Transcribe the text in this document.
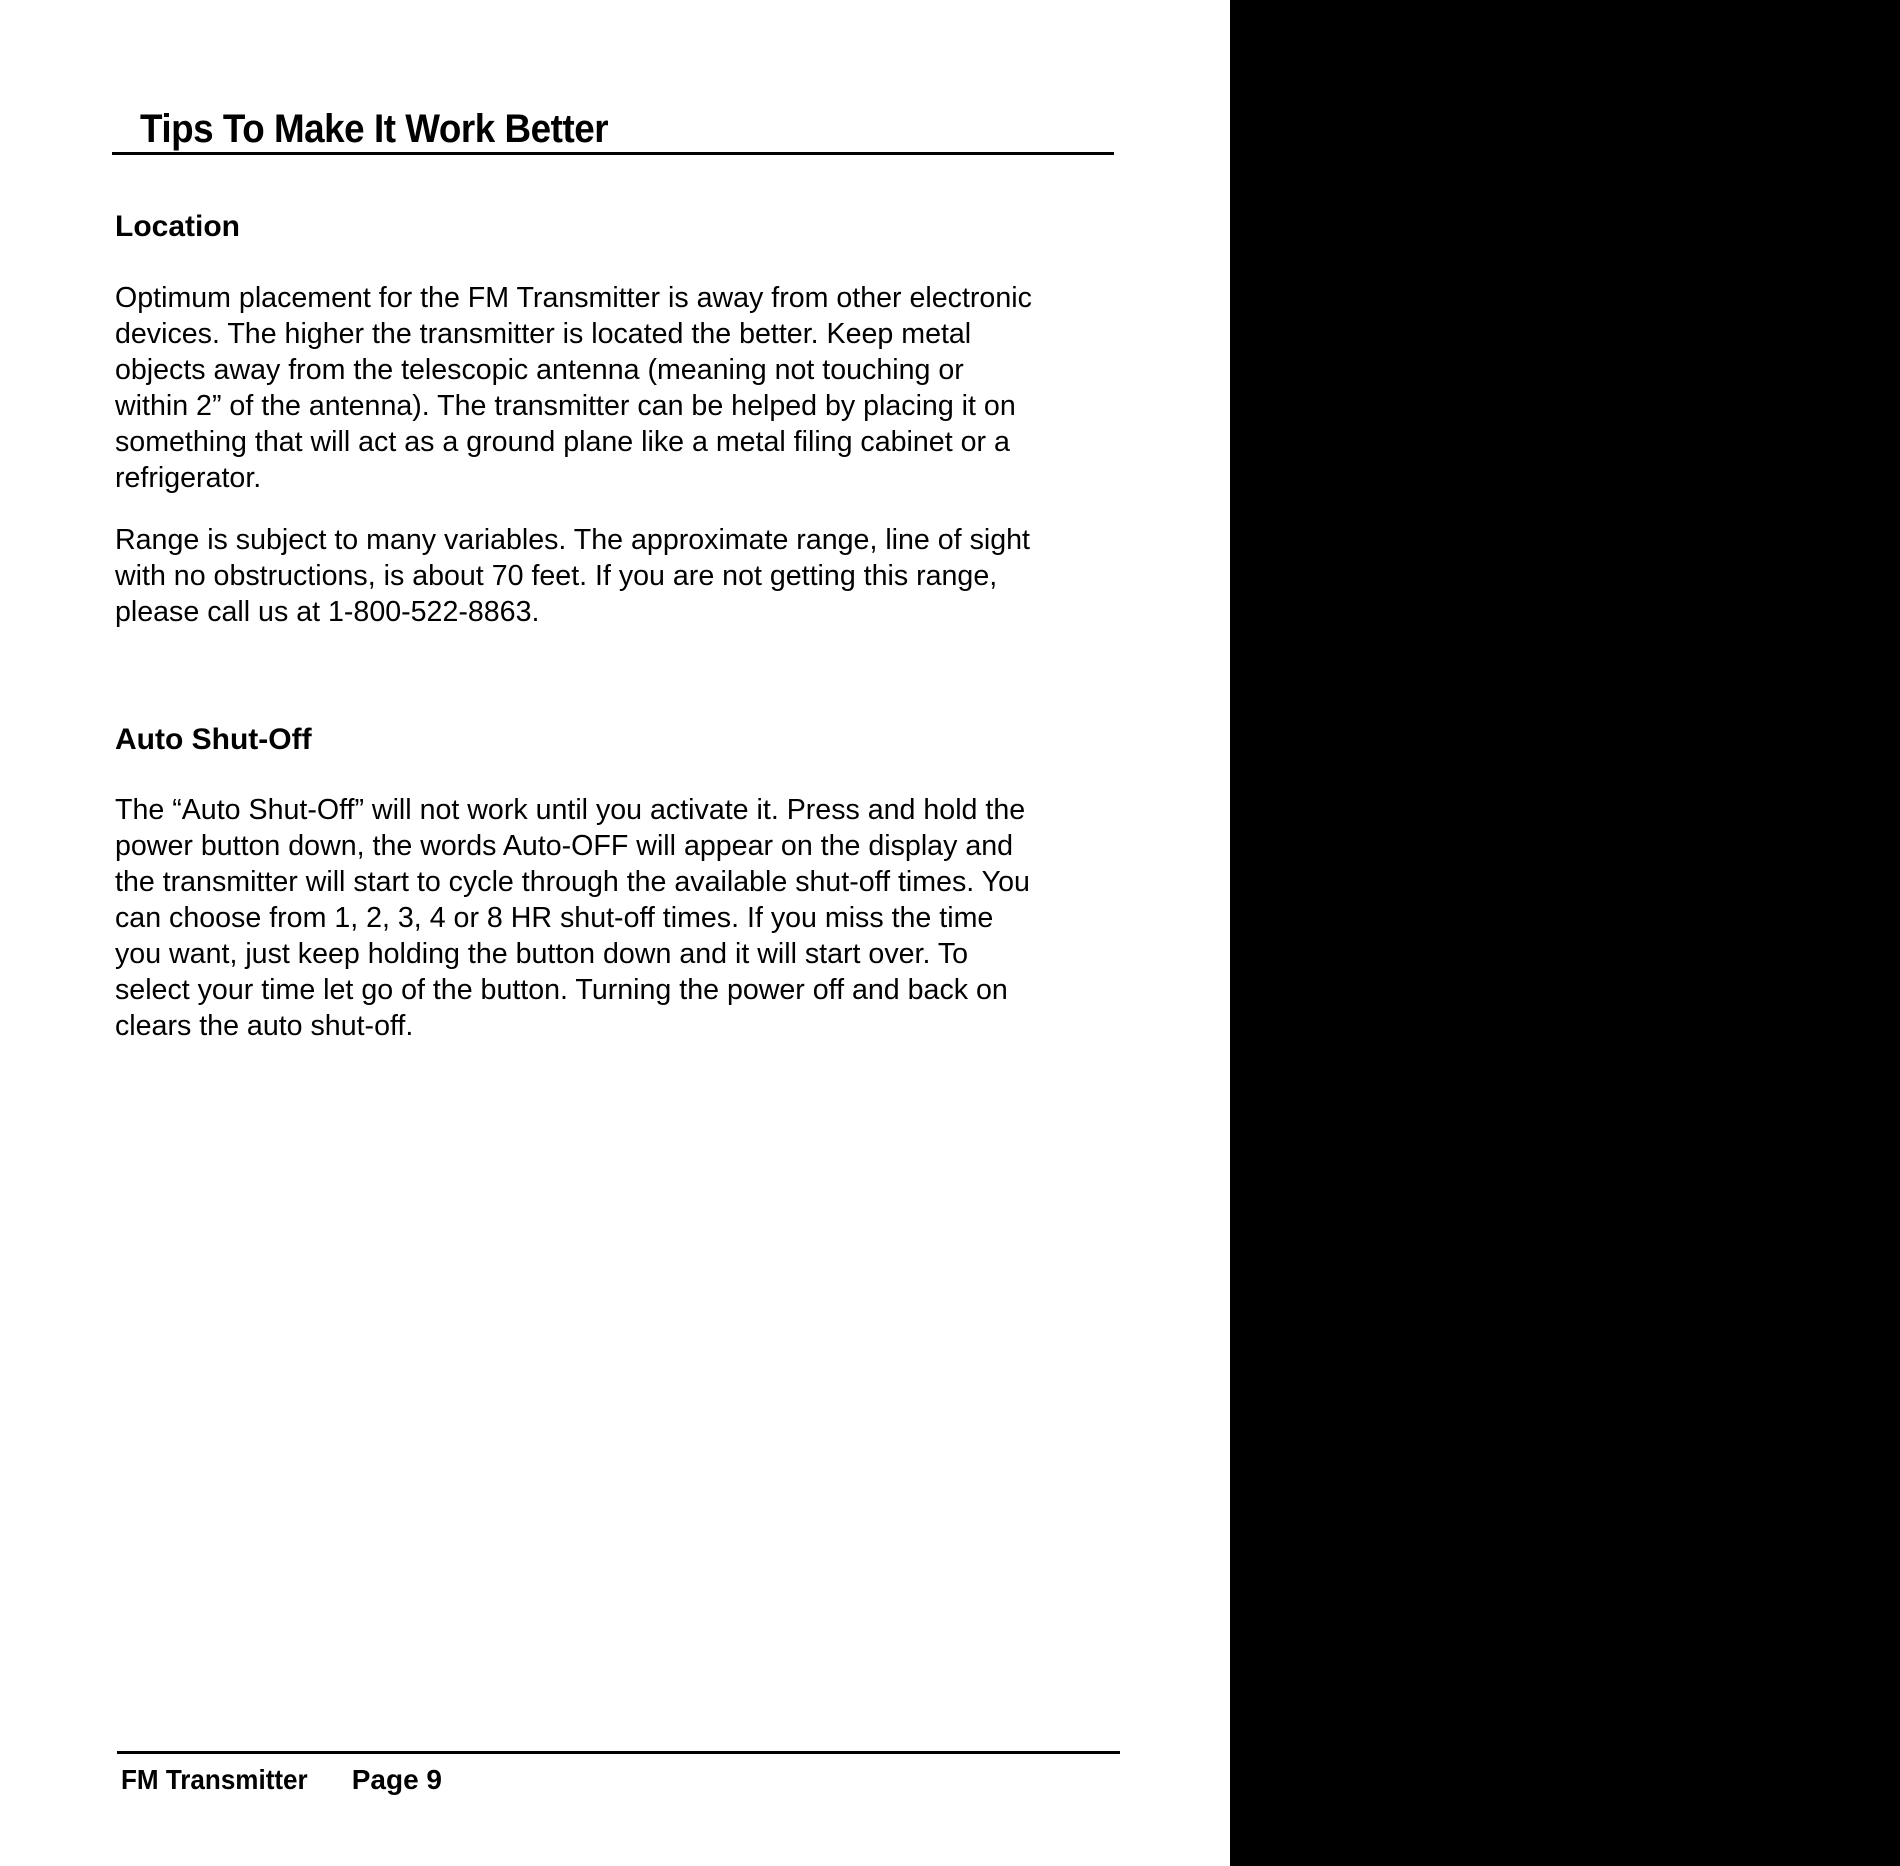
Tips To Make It Work Better
Location

Optimum placement for the FM Transmitter is away from other electronic
devices. The higher the transmitter is located the better. Keep metal
objects away from the telescopic antenna (meaning not touching or
within 2” of the antenna). The transmitter can be helped by placing it on
something that will act as a ground plane like a metal filing cabinet or a
refrigerator.

Range is subject to many variables. The approximate range, line of sight
with no obstructions, is about 70 feet. If you are not getting this range,
please call us at 1-800-522-8863.

Auto Shut-Off

The “Auto Shut-Off” will not work until you activate it. Press and hold the
power button down, the words Auto-OFF will appear on the display and
the transmitter will start to cycle through the available shut-off times. You
can choose from 1, 2, 3, 4 or 8 HR shut-off times. If you miss the time
you want, just keep holding the button down and it will start over. To
select your time let go of the button. Turning the power off and back on
clears the auto shut-off.

FM Transmitter Page 9
